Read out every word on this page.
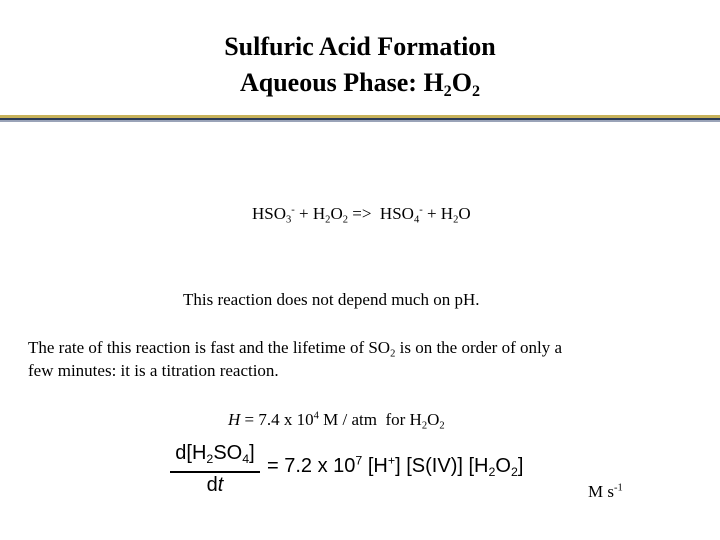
Sulfuric Acid Formation
Aqueous Phase: $H_2O_2$
$HSO_3^- + H_2O_2 => HSO_4^- + H_2O$
This reaction does not depend much on pH.
The rate of this reaction is fast and the lifetime of $SO_2$ is on the order of only a
few minutes: it is a titration reaction.
H = 7.4 x $10^4$ M / atm  for $H_2O_2$
$d[H_2SO_4]$
dt
= 7.2 x $10^7$ [H+] [S(IV)] $[H_2O_2]$
M $s^{-1}$
